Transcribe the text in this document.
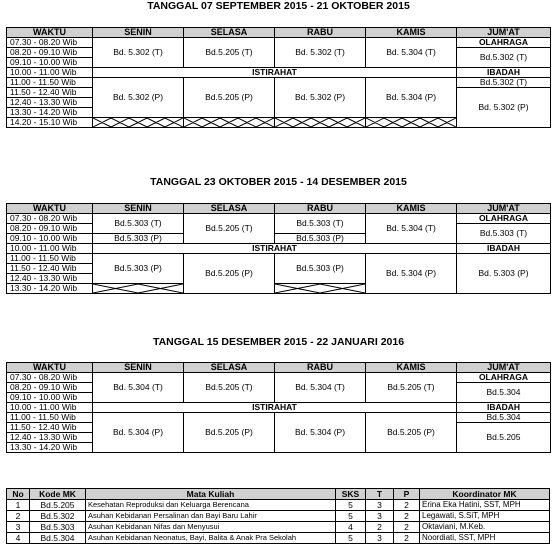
TANGGAL 07 SEPTEMBER 2015 - 21 OKTOBER 2015
WAKTU	SENIN	SELASA	RABU	KAMIS	JUM'AT
07.30 - 08.20 Wib	Bd. 5.302 (T)	Bd.5.205 (T)	Bd. 5.302 (T)	Bd. 5.304 (T)	OLAHRAGA
08.20 - 09.10 Wib					Bd.5.302 (T)
09.10 - 10.00 Wib					
10.00 - 11.00 Wib	ISTIRAHAT				IBADAH
11.00 - 11.50 Wib	Bd. 5.302 (P)	Bd.5.205 (P)	Bd. 5.302 (P)	Bd. 5.304 (P)	Bd.5.302 (T)
11.50 - 12.40 Wib					Bd. 5.302 (P)
12.40 - 13.30 Wib					
13.30 - 14.20 Wib					
14.20 - 15.10 Wib	

TANGGAL 23 OKTOBER 2015 - 14 DESEMBER 2015
WAKTU	SENIN	SELASA	RABU	KAMIS	JUM'AT
07.30 - 08.20 Wib	Bd.5.303 (T)	Bd.5.205 (T)	Bd.5.303 (T)	Bd. 5.304 (T)	OLAHRAGA
08.20 - 09.10 Wib					Bd.5.303 (T)
09.10 - 10.00 Wib	Bd.5.303 (P)		Bd.5.303 (P)		
10.00 - 11.00 Wib	ISTIRAHAT				IBADAH
11.00 - 11.50 Wib	Bd.5.303 (P)	Bd.5.205 (P)	Bd.5.303 (P)	Bd. 5.304 (P)	Bd. 5.303 (P)
11.50 - 12.40 Wib					
12.40 - 13.30 Wib					
13.30 - 14.20 Wib	

TANGGAL 15 DESEMBER 2015 - 22 JANUARI 2016
WAKTU	SENIN	SELASA	RABU	KAMIS	JUM'AT
07.30 - 08.20 Wib	Bd. 5.304 (T)	Bd.5.205 (T)	Bd. 5.304 (T)	Bd.5.205 (T)	OLAHRAGA
08.20 - 09.10 Wib					Bd.5.304
09.10 - 10.00 Wib					
10.00 - 11.00 Wib	ISTIRAHAT				IBADAH
11.00 - 11.50 Wib	Bd. 5.304 (P)	Bd.5.205 (P)	Bd. 5.304 (P)	Bd.5.205 (P)	Bd.5.304
11.50 - 12.40 Wib					Bd.5.205
12.40 - 13.30 Wib					
13.30 - 14.20 Wib					
No	Kode MK	Mata Kuliah	SKS	T	P	Koordinator MK
1	Bd.5.205	Kesehatan Reproduksi dan Keluarga Berencana	5	3	2	Erina Eka Hatini, SST, MPH
2	Bd.5.302	Asuhan Kebidanan Persalinan dan Bayi Baru Lahir	5	3	2	Legawati, S.SiT, MPH
3	Bd.5.303	Asuhan Kebidanan Nifas dan Menyusui	4	2	2	Oktaviani, M.Keb.
4	Bd.5.304	Asuhan Kebidanan Neonatus, Bayi, Balita & Anak Pra Sekolah	5	3	2	Noordiati, SST, MPH
